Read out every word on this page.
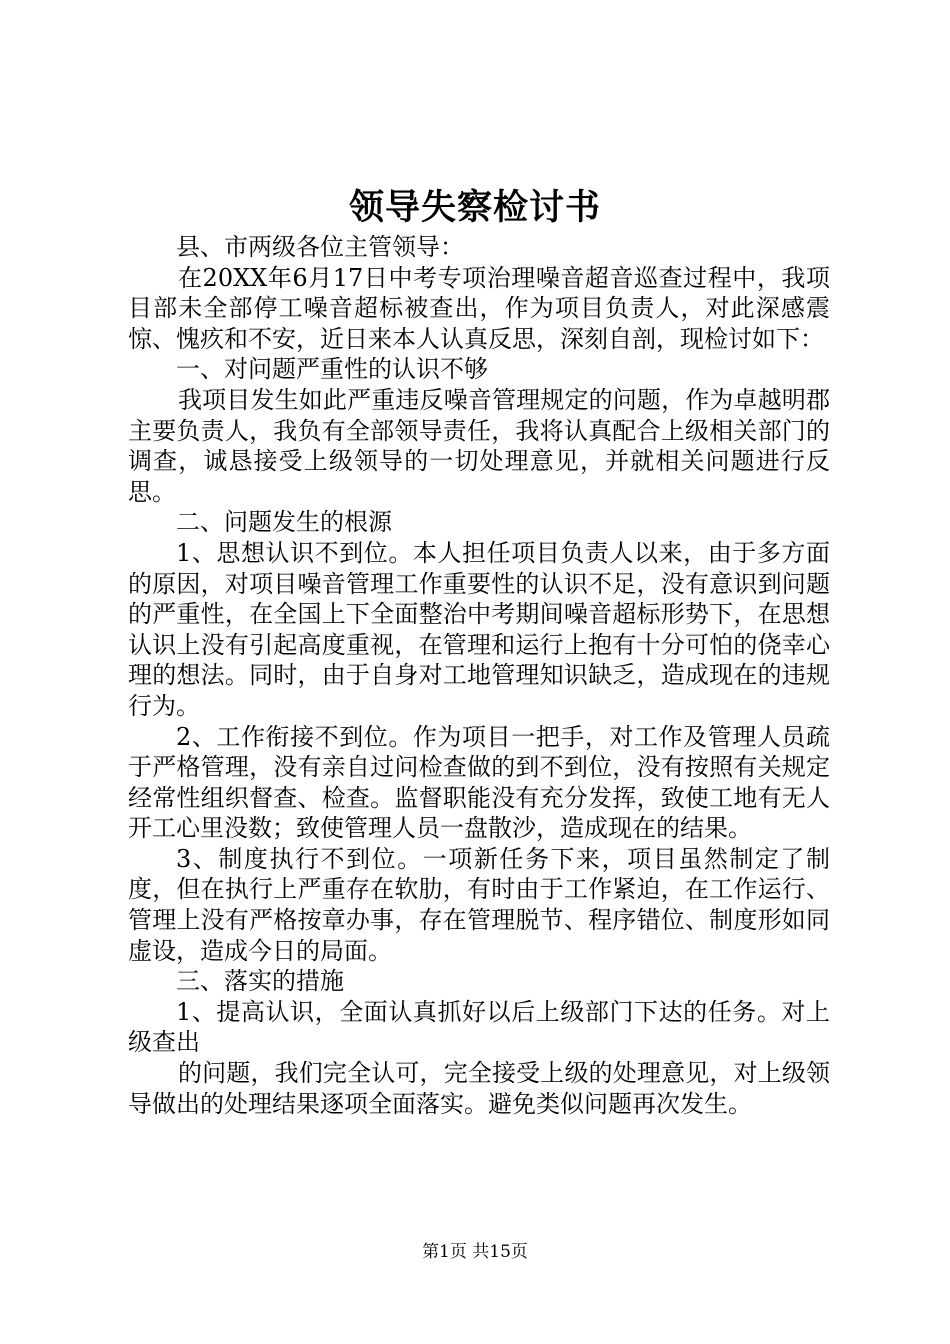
领导失察检讨书

县、市两级各位主管领导：

在20XX年6月17日中考专项治理噪音超音巡查过程中，我项目部未全部停工噪音超标被查出，作为项目负责人，对此深感震惊、愧疚和不安，近日来本人认真反思，深刻自剖，现检讨如下：

一、对问题严重性的认识不够

我项目发生如此严重违反噪音管理规定的问题，作为卓越明郡主要负责人，我负有全部领导责任，我将认真配合上级相关部门的调查，诚恳接受上级领导的一切处理意见，并就相关问题进行反思。

二、问题发生的根源

1、思想认识不到位。本人担任项目负责人以来，由于多方面的原因，对项目噪音管理工作重要性的认识不足，没有意识到问题的严重性，在全国上下全面整治中考期间噪音超标形势下，在思想认识上没有引起高度重视，在管理和运行上抱有十分可怕的侥幸心理的想法。同时，由于自身对工地管理知识缺乏，造成现在的违规行为。

2、工作衔接不到位。作为项目一把手，对工作及管理人员疏于严格管理，没有亲自过问检查做的到不到位，没有按照有关规定经常性组织督查、检查。监督职能没有充分发挥，致使工地有无人开工心里没数；致使管理人员一盘散沙，造成现在的结果。

3、制度执行不到位。一项新任务下来，项目虽然制定了制度，但在执行上严重存在软肋，有时由于工作紧迫，在工作运行、管理上没有严格按章办事，存在管理脱节、程序错位、制度形如同虚设，造成今日的局面。

三、落实的措施

1、提高认识，全面认真抓好以后上级部门下达的任务。对上级查出

的问题，我们完全认可，完全接受上级的处理意见，对上级领导做出的处理结果逐项全面落实。避免类似问题再次发生。

第1页 共15页
